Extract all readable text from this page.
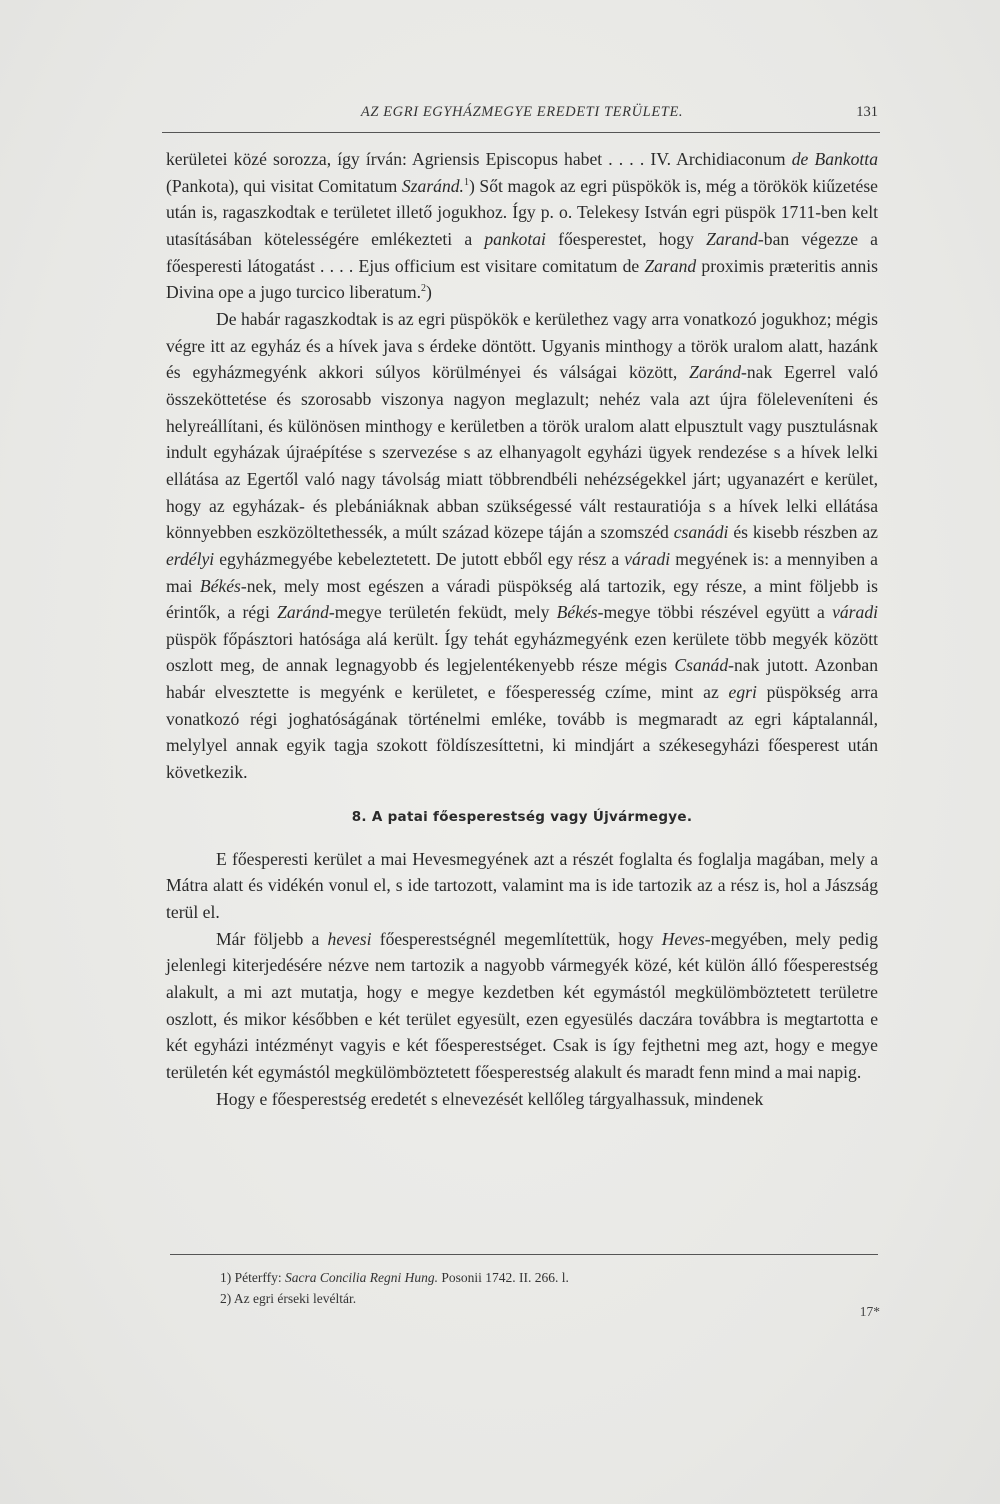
AZ EGRI EGYHÁZMEGYE EREDETI TERÜLETE.	131

kerületei közé sorozza, így írván: Agriensis Episcopus habet . . . . IV. Archidiaconum de Bankotta (Pankota), qui visitat Comitatum Szaránd.$^1$) Sőt magok az egri püspökök is, még a törökök kiűzetése után is, ragaszkodtak e területet illető jogukhoz. Így p. o. Telekesy István egri püspök 1711-ben kelt utasításában kötelességére emlékezteti a pankotai főesperestet, hogy Zarand-ban végezze a főesperesti látogatást . . . . Ejus officium est visitare comitatum de Zarand proximis præteritis annis Divina ope a jugo turcico liberatum.$^2$)

De habár ragaszkodtak is az egri püspökök e kerülethez vagy arra vonatkozó jogukhoz; mégis végre itt az egyház és a hívek java s érdeke döntött. Ugyanis minthogy a török uralom alatt, hazánk és egyházmegyénk akkori súlyos körülményei és válságai között, Zaránd-nak Egerrel való összeköttetése és szorosabb viszonya nagyon meglazult; nehéz vala azt újra föleleveníteni és helyreállítani, és különösen minthogy e kerületben a török uralom alatt elpusztult vagy pusztulásnak indult egyházak újraépítése s szervezése s az elhanyagolt egyházi ügyek rendezése s a hívek lelki ellátása az Egertől való nagy távolság miatt többrendbéli nehézségekkel járt; ugyanazért e kerület, hogy az egyházak- és plebániáknak abban szükségessé vált restauratiója s a hívek lelki ellátása könnyebben eszközöltethessék, a múlt század közepe táján a szomszéd csanádi és kisebb részben az erdélyi egyházmegyébe kebeleztetett. De jutott ebből egy rész a váradi megyének is: a mennyiben a mai Békés-nek, mely most egészen a váradi püspökség alá tartozik, egy része, a mint följebb is érintők, a régi Zaránd-megye területén feküdt, mely Békés-megye többi részével együtt a váradi püspök főpásztori hatósága alá került. Így tehát egyházmegyénk ezen kerülete több megyék között oszlott meg, de annak legnagyobb és legjelentékenyebb része mégis Csanád-nak jutott. Azonban habár elvesztette is megyénk e kerületet, e főesperesség czíme, mint az egri püspökség arra vonatkozó régi joghatóságának történelmi emléke, tovább is megmaradt az egri káptalannál, melylyel annak egyik tagja szokott földíszesíttetni, ki mindjárt a székesegyházi főesperest után következik.

8. A patai főesperestség vagy Újvármegye.

E főesperesti kerület a mai Hevesmegyének azt a részét foglalta és foglalja magában, mely a Mátra alatt és vidékén vonul el, s ide tartozott, valamint ma is ide tartozik az a rész is, hol a Jászság terül el.

Már följebb a hevesi főesperestségnél megemlítettük, hogy Heves-megyében, mely pedig jelenlegi kiterjedésére nézve nem tartozik a nagyobb vármegyék közé, két külön álló főesperestség alakult, a mi azt mutatja, hogy e megye kezdetben két egymástól megkülömböztetett területre oszlott, és mikor későbben e két terület egyesült, ezen egyesülés daczára továbbra is megtartotta e két egyházi intézményt vagyis e két főesperestséget. Csak is így fejthetni meg azt, hogy e megye területén két egymástól megkülömböztetett főesperestség alakult és maradt fenn mind a mai napig.

Hogy e főesperestség eredetét s elnevezését kellőleg tárgyalhassuk, mindenek

1) Péterffy: Sacra Concilia Regni Hung. Posonii 1742. II. 266. l.
2) Az egri érseki levéltár.
17*
